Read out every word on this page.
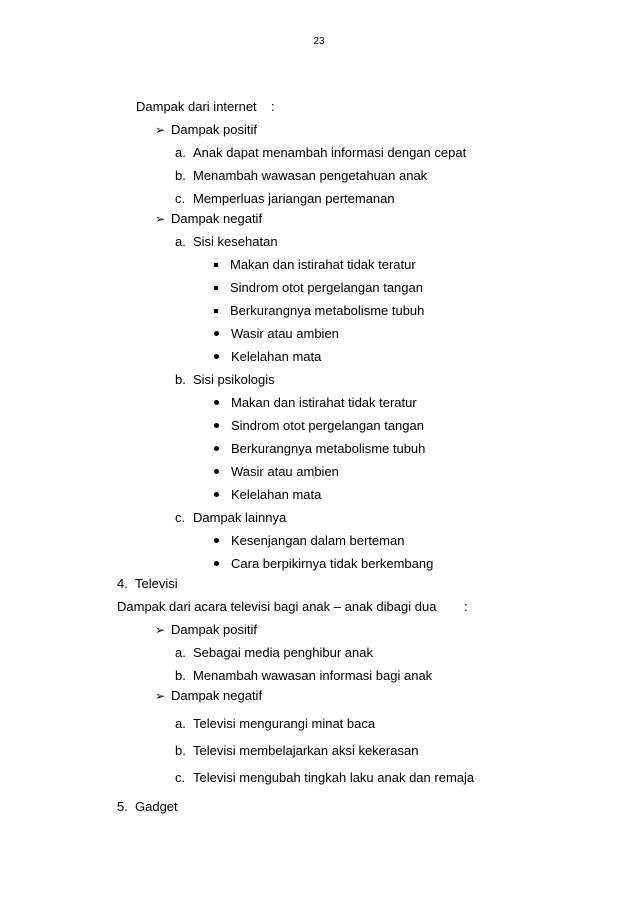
23
Dampak dari internet :
➢ Dampak positif
a. Anak dapat menambah informasi dengan cepat
b. Menambah wawasan pengetahuan anak
c. Memperluas jariangan pertemanan
➢ Dampak negatif
a. Sisi kesehatan
Makan dan istirahat tidak teratur
Sindrom otot pergelangan tangan
Berkurangnya metabolisme tubuh
Wasir atau ambien
Kelelahan mata
b. Sisi psikologis
Makan dan istirahat tidak teratur
Sindrom otot pergelangan tangan
Berkurangnya metabolisme tubuh
Wasir atau ambien
Kelelahan mata
c. Dampak lainnya
Kesenjangan dalam berteman
Cara berpikirnya tidak berkembang
4. Televisi
Dampak dari acara televisi bagi anak – anak dibagi dua :
➢ Dampak positif
a. Sebagai media penghibur anak
b. Menambah wawasan informasi bagi anak
➢ Dampak negatif
a. Televisi mengurangi minat baca
b. Televisi membelajarkan aksi kekerasan
c. Televisi mengubah tingkah laku anak dan remaja
5. Gadget
